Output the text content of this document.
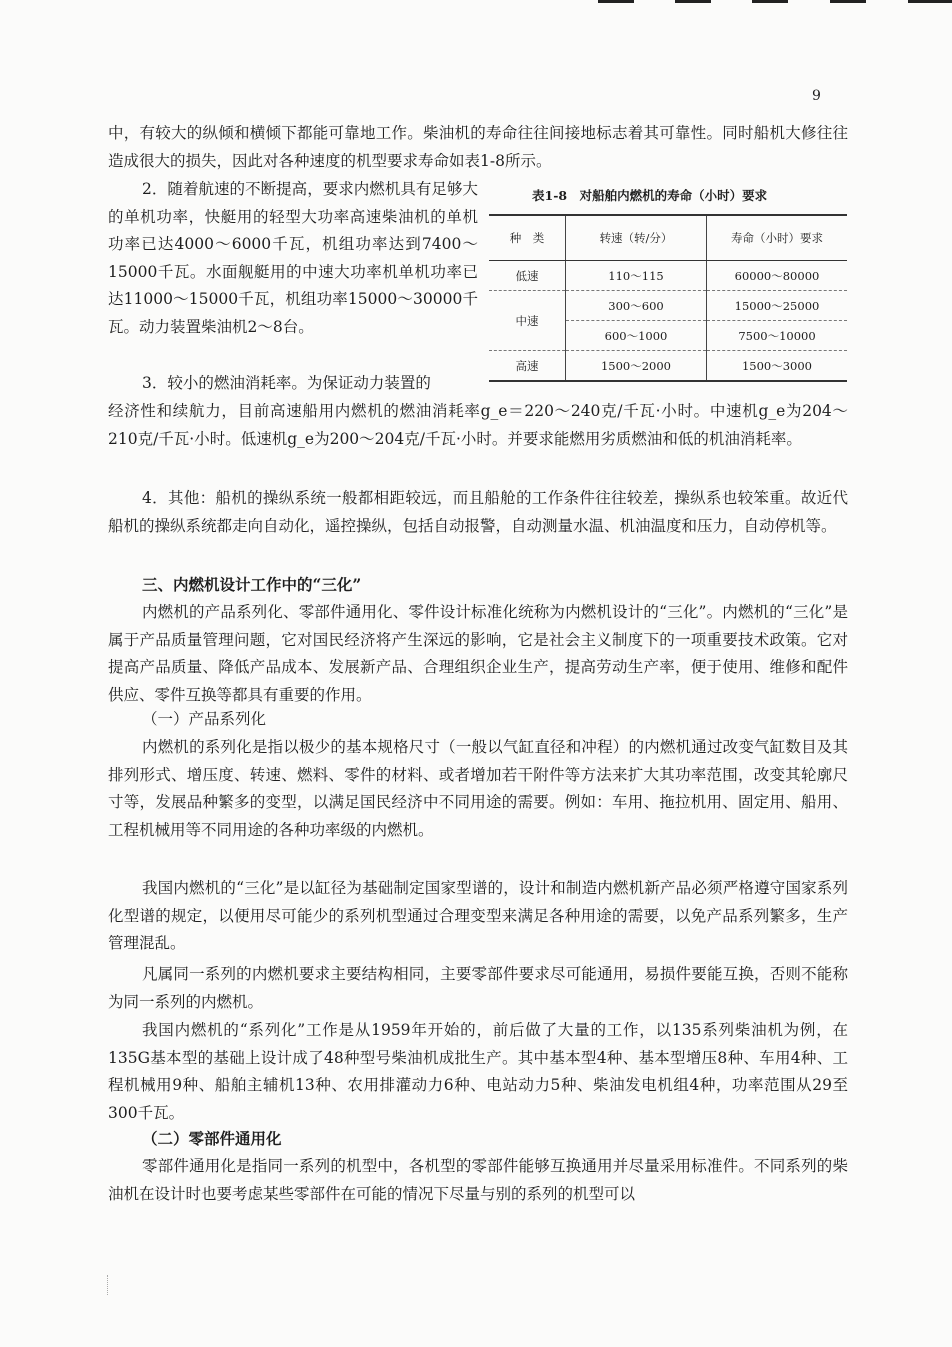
9

中，有较大的纵倾和横倾下都能可靠地工作。柴油机的寿命往往间接地标志着其可靠性。同时船机大修往往造成很大的损失，因此对各种速度的机型要求寿命如表1-8所示。

2．随着航速的不断提高，要求内燃机具有足够大的单机功率，快艇用的轻型大功率高速柴油机的单机功率已达4000～6000千瓦，机组功率达到7400～15000千瓦。水面舰艇用的中速大功率机单机功率已达11000～15000千瓦，机组功率15000～30000千瓦。动力装置柴油机2～8台。

3．较小的燃油消耗率。为保证动力装置的

表1-8　对船舶内燃机的寿命（小时）要求
种　类	转速（转/分）	寿命（小时）要求
低速	110～115	60000～80000
中速	300～600	15000～25000
	600～1000	7500～10000
高速	1500～2000	1500～3000

经济性和续航力，目前高速船用内燃机的燃油消耗率g_e＝220～240克/千瓦·小时。中速机g_e为204～210克/千瓦·小时。低速机g_e为200～204克/千瓦·小时。并要求能燃用劣质燃油和低的机油消耗率。

4．其他：船机的操纵系统一般都相距较远，而且船舱的工作条件往往较差，操纵系也较笨重。故近代船机的操纵系统都走向自动化，遥控操纵，包括自动报警，自动测量水温、机油温度和压力，自动停机等。

三、内燃机设计工作中的“三化”

内燃机的产品系列化、零部件通用化、零件设计标准化统称为内燃机设计的“三化”。内燃机的“三化”是属于产品质量管理问题，它对国民经济将产生深远的影响，它是社会主义制度下的一项重要技术政策。它对提高产品质量、降低产品成本、发展新产品、合理组织企业生产，提高劳动生产率，便于使用、维修和配件供应、零件互换等都具有重要的作用。

（一）产品系列化

内燃机的系列化是指以极少的基本规格尺寸（一般以气缸直径和冲程）的内燃机通过改变气缸数目及其排列形式、增压度、转速、燃料、零件的材料、或者增加若干附件等方法来扩大其功率范围，改变其轮廓尺寸等，发展品种繁多的变型，以满足国民经济中不同用途的需要。例如：车用、拖拉机用、固定用、船用、工程机械用等不同用途的各种功率级的内燃机。

我国内燃机的“三化”是以缸径为基础制定国家型谱的，设计和制造内燃机新产品必须严格遵守国家系列化型谱的规定，以便用尽可能少的系列机型通过合理变型来满足各种用途的需要，以免产品系列繁多，生产管理混乱。

凡属同一系列的内燃机要求主要结构相同，主要零部件要求尽可能通用，易损件要能互换，否则不能称为同一系列的内燃机。

我国内燃机的“系列化”工作是从1959年开始的，前后做了大量的工作，以135系列柴油机为例，在135G基本型的基础上设计成了48种型号柴油机成批生产。其中基本型4种、基本型增压8种、车用4种、工程机械用9种、船舶主辅机13种、农用排灌动力6种、电站动力5种、柴油发电机组4种，功率范围从29至300千瓦。

（二）零部件通用化

零部件通用化是指同一系列的机型中，各机型的零部件能够互换通用并尽量采用标准件。不同系列的柴油机在设计时也要考虑某些零部件在可能的情况下尽量与别的系列的机型可以
